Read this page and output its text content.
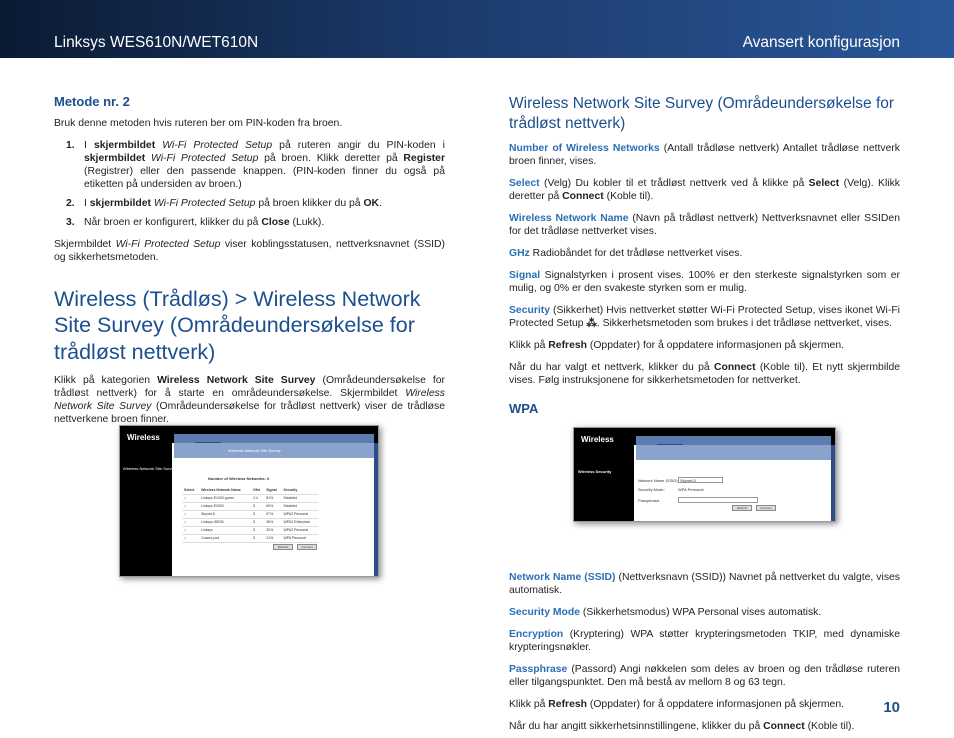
Linksys WES610N/WET610N	Avansert konfigurasjon
Metode nr. 2

Bruk denne metoden hvis ruteren ber om PIN-koden fra broen.

1. I skjermbildet Wi-Fi Protected Setup på ruteren angir du PIN-koden i skjermbildet Wi-Fi Protected Setup på broen. Klikk deretter på Register (Registrer) eller den passende knappen. (PIN-koden finner du også på etiketten på undersiden av broen.)
2. I skjermbildet Wi-Fi Protected Setup på broen klikker du på OK.
3. Når broen er konfigurert, klikker du på Close (Lukk).

Skjermbildet Wi-Fi Protected Setup viser koblingsstatusen, nettverksnavnet (SSID) og sikkerhetsmetoden.

Wireless (Trådløs) > Wireless Network Site Survey (Områdeundersøkelse for trådløst nettverk)

Klikk på kategorien Wireless Network Site Survey (Områdeundersøkelse for trådløst nettverk) for å starte en områdeundersøkelse. Skjermbildet Wireless Network Site Survey (Områdeundersøkelse for trådløst nettverk) viser de trådløse nettverkene broen finner.

Wireless
Wireless Network Site Survey
Wireless Network Site Survey
Number of Wireless Networks: 6
Select	Wireless Network Name	GHz	Signal	Security
○	Linksys E1000-guest	2.4	81%	Disabled
○	Linksys E2000	5	60%	Disabled
○	Skynet-5	5	57%	WPA2 Personal
○	Linksys WES6	5	36%	WPA2 Enterprise
○	Linksys	5	32%	WPA2 Personal
○	Cosmo-pod	5	21%	WPA Personal
Refresh	Connect
Wireless Network Site Survey (Områdeundersøkelse for trådløst nettverk)

Number of Wireless Networks (Antall trådløse nettverk) Antallet trådløse nettverk broen finner, vises.

Select (Velg) Du kobler til et trådløst nettverk ved å klikke på Select (Velg). Klikk deretter på Connect (Koble til).

Wireless Network Name (Navn på trådløst nettverk) Nettverksnavnet eller SSIDen for det trådløse nettverket vises.

GHz Radiobåndet for det trådløse nettverket vises.

Signal Signalstyrken i prosent vises. 100% er den sterkeste signalstyrken som er mulig, og 0% er den svakeste styrken som er mulig.

Security (Sikkerhet) Hvis nettverket støtter Wi-Fi Protected Setup, vises ikonet Wi-Fi Protected Setup ⁂. Sikkerhetsmetoden som brukes i det trådløse nettverket, vises.

Klikk på Refresh (Oppdater) for å oppdatere informasjonen på skjermen.

Når du har valgt et nettverk, klikker du på Connect (Koble til). Et nytt skjermbilde vises. Følg instruksjonene for sikkerhetsmetoden for nettverket.

WPA

Network Name (SSID) (Nettverksnavn (SSID)) Navnet på nettverket du valgte, vises automatisk.

Security Mode (Sikkerhetsmodus) WPA Personal vises automatisk.

Encryption (Kryptering) WPA støtter krypteringsmetoden TKIP, med dynamiske krypteringsnøkler.

Passphrase (Passord) Angi nøkkelen som deles av broen og den trådløse ruteren eller tilgangspunktet. Den må bestå av mellom 8 og 63 tegn.

Klikk på Refresh (Oppdater) for å oppdatere informasjonen på skjermen.

Når du har angitt sikkerhetsinnstillingene, klikker du på Connect (Koble til).

Wireless
Wireless Security
Network Name (SSID): Skynet-5
Security Mode:	WPA Personal
Passphrase:
Refresh	Connect
10
